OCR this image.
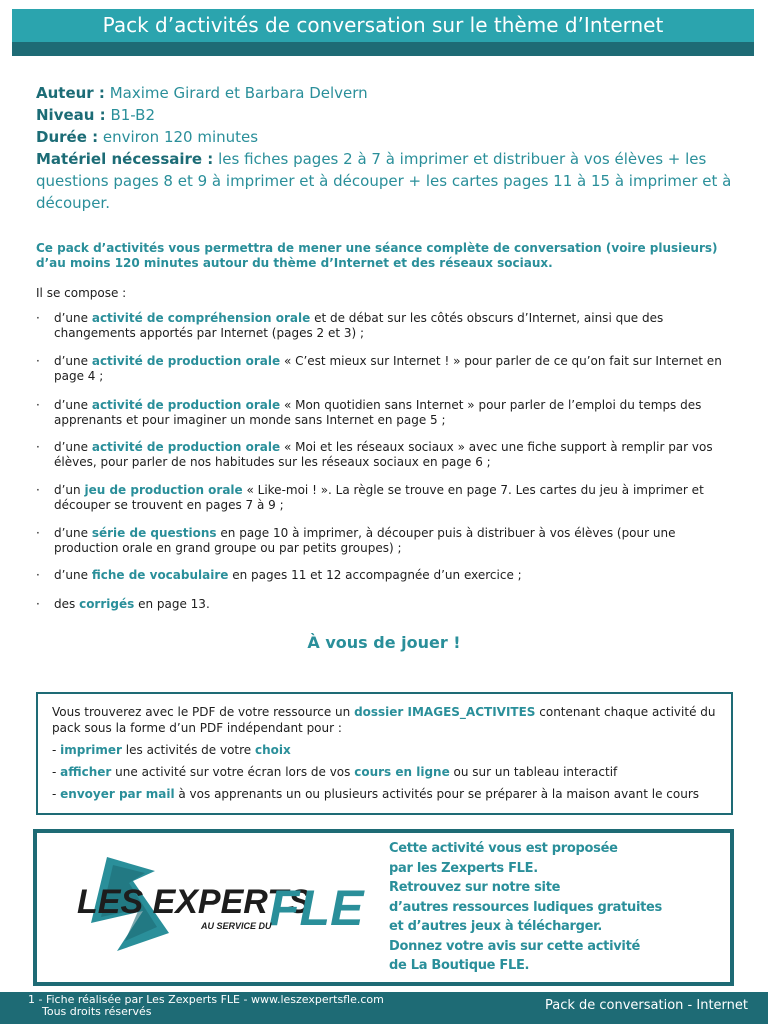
Pack d’activités de conversation sur le thème d’Internet
Auteur : Maxime Girard et Barbara Delvern
Niveau : B1-B2
Durée : environ 120 minutes
Matériel nécessaire : les fiches pages 2 à 7 à imprimer et distribuer à vos élèves + les questions pages 8 et 9 à imprimer et à découper + les cartes pages 11 à 15 à imprimer et à découper.
Ce pack d’activités vous permettra de mener une séance complète de conversation (voire plusieurs) d’au moins 120 minutes autour du thème d’Internet et des réseaux sociaux.
Il se compose :
·	d’une activité de compréhension orale et de débat sur les côtés obscurs d’Internet, ainsi que des changements apportés par Internet (pages 2 et 3) ;
·	d’une activité de production orale « C’est mieux sur Internet ! » pour parler de ce qu’on fait sur Internet en page 4 ;
·	d’une activité de production orale « Mon quotidien sans Internet » pour parler de l’emploi du temps des apprenants et pour imaginer un monde sans Internet en page 5 ;
·	d’une activité de production orale « Moi et les réseaux sociaux » avec une fiche support à remplir par vos élèves, pour parler de nos habitudes sur les réseaux sociaux en page 6 ;
·	d’un jeu de production orale « Like-moi ! ». La règle se trouve en page 7. Les cartes du jeu à imprimer et découper se trouvent en pages 7 à 9 ;
·	d’une série de questions en page 10 à imprimer, à découper puis à distribuer à vos élèves (pour une production orale en grand groupe ou par petits groupes) ;
·	d’une fiche de vocabulaire en pages 11 et 12 accompagnée d’un exercice ;
·	des corrigés en page 13.
À vous de jouer !
Vous trouverez avec le PDF de votre ressource un dossier IMAGES_ACTIVITES contenant chaque activité du pack sous la forme d’un PDF indépendant pour :
- imprimer les activités de votre choix
- afficher une activité sur votre écran lors de vos cours en ligne ou sur un tableau interactif
- envoyer par mail à vos apprenants un ou plusieurs activités pour se préparer à la maison avant le cours
LES EXPERTS
FLE
AU SERVICE DU
Cette activité vous est proposée
par les Zexperts FLE.
Retrouvez sur notre site
d’autres ressources ludiques gratuites
et d’autres jeux à télécharger.
Donnez votre avis sur cette activité
de La Boutique FLE.
1 - Fiche réalisée par Les Zexperts FLE - www.leszexpertsfle.com
Tous droits réservés	Pack de conversation - Internet
